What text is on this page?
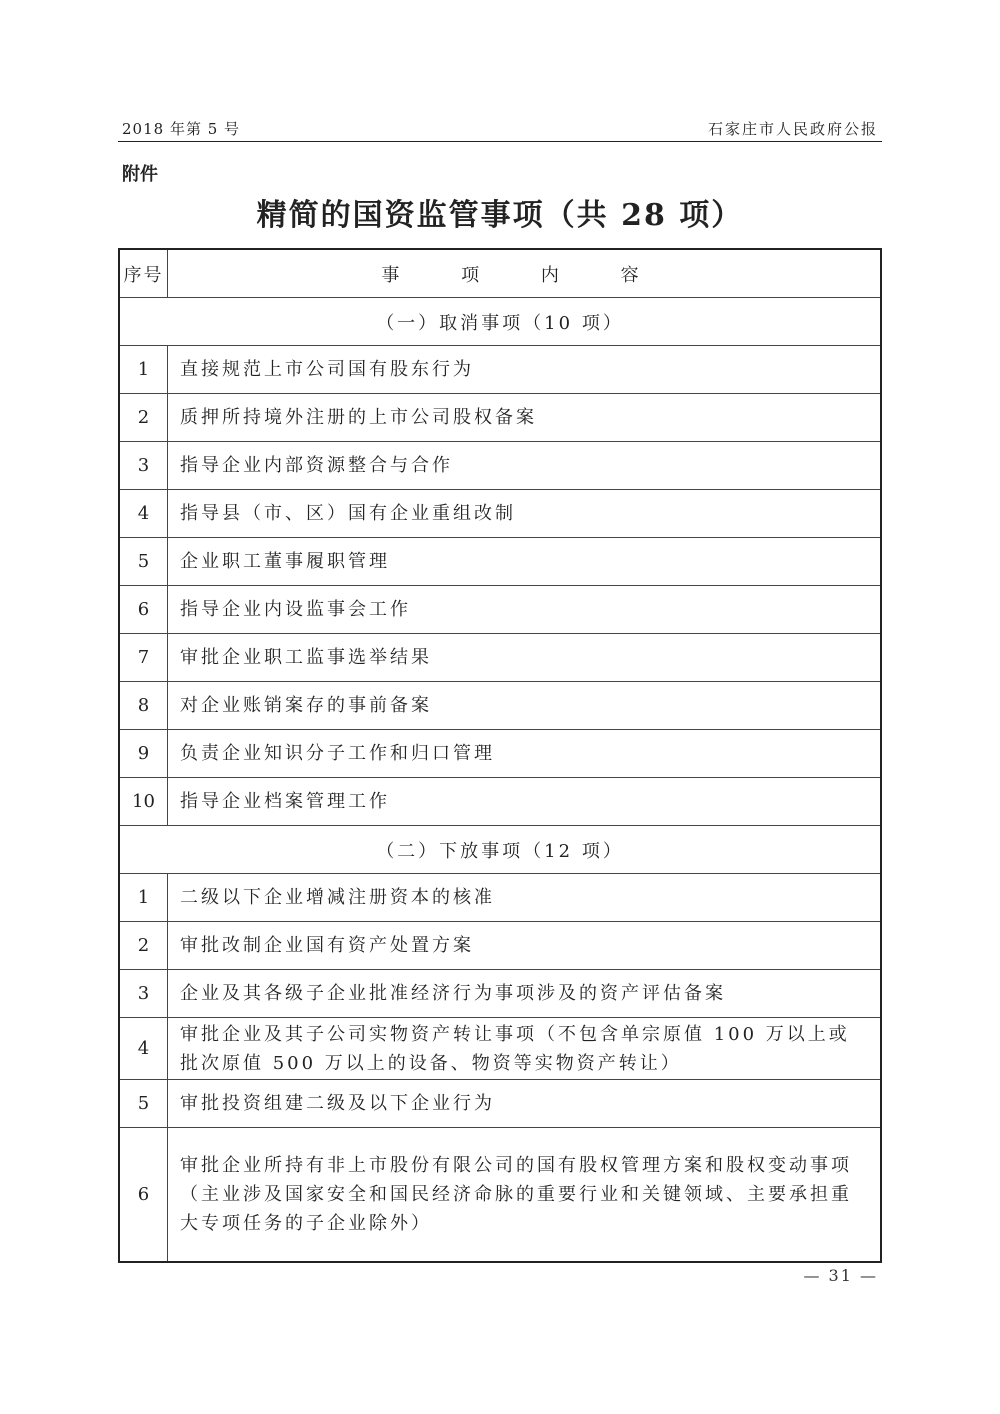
2018 年第 5 号	石家庄市人民政府公报
附件
精简的国资监管事项（共 28 项）
序号	事 项 内 容
（一）取消事项（10 项）	
1	直接规范上市公司国有股东行为
2	质押所持境外注册的上市公司股权备案
3	指导企业内部资源整合与合作
4	指导县（市、区）国有企业重组改制
5	企业职工董事履职管理
6	指导企业内设监事会工作
7	审批企业职工监事选举结果
8	对企业账销案存的事前备案
9	负责企业知识分子工作和归口管理
10	指导企业档案管理工作
（二）下放事项（12 项）	
1	二级以下企业增减注册资本的核准
2	审批改制企业国有资产处置方案
3	企业及其各级子企业批准经济行为事项涉及的资产评估备案
4	审批企业及其子公司实物资产转让事项（不包含单宗原值 100 万以上或批次原值 500 万以上的设备、物资等实物资产转让）
5	审批投资组建二级及以下企业行为
6	审批企业所持有非上市股份有限公司的国有股权管理方案和股权变动事项（主业涉及国家安全和国民经济命脉的重要行业和关键领域、主要承担重大专项任务的子企业除外）
— 31 —
